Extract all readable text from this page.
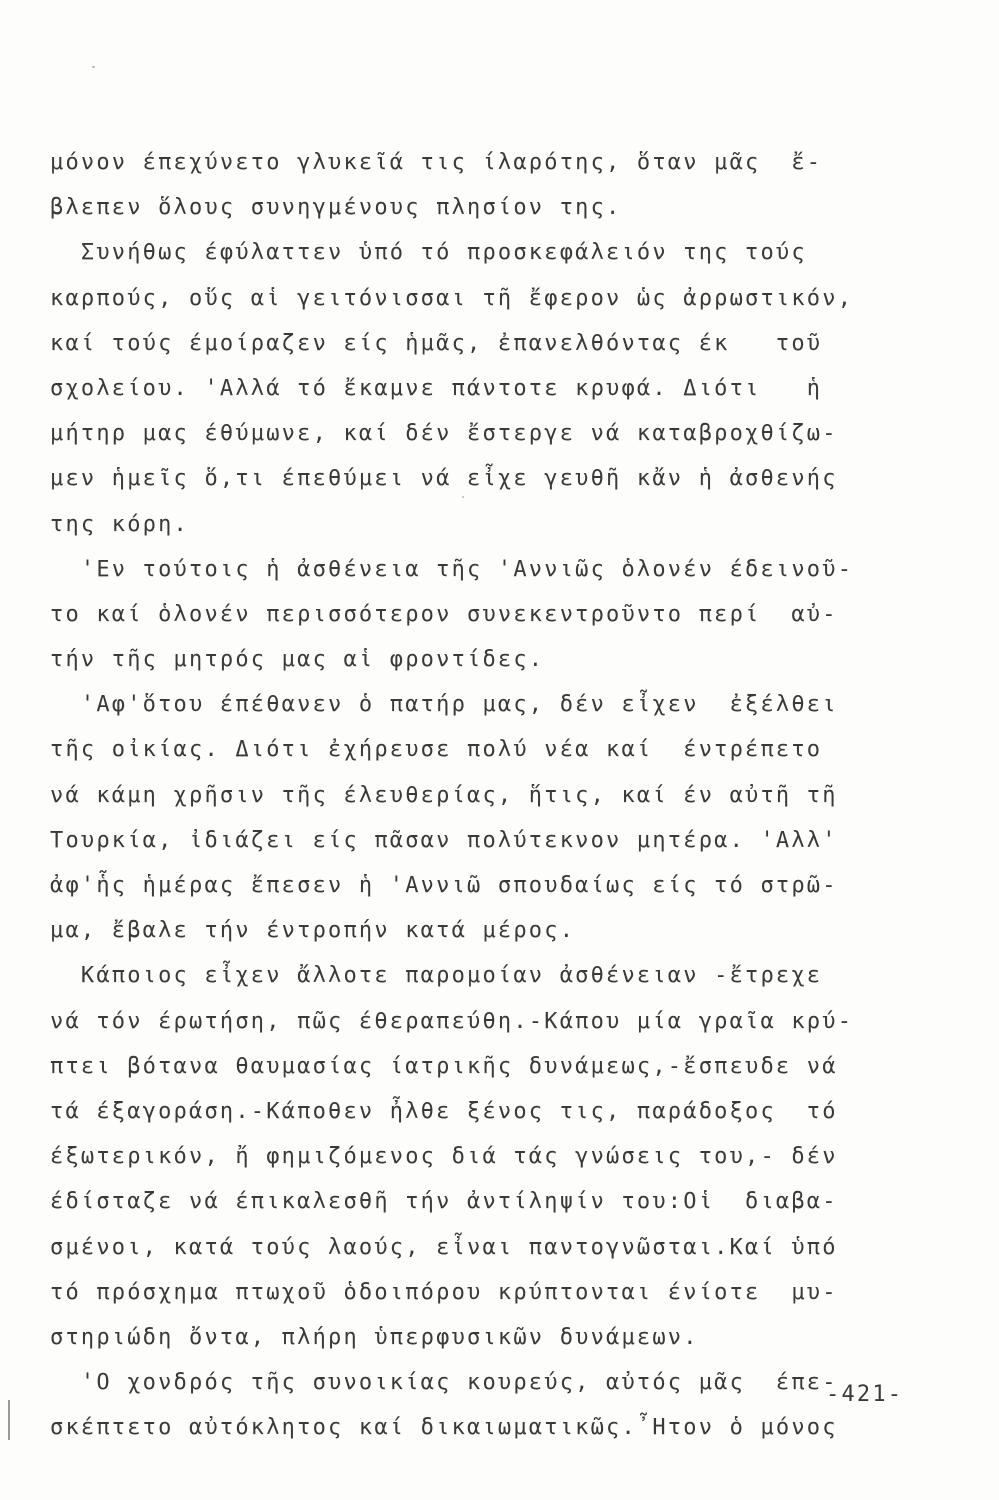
μόνον έπεχύνετο γλυκεῖά τις ίλαρότης, ὅταν μᾶς  ἔ-
βλεπεν ὅλους συνηγμένους πλησίον της.
Συνήθως έφύλαττεν ὑπό τό προσκεφάλειόν της τούς
καρπούς, οὕς αἱ γειτόνισσαι τῆ ἔφερον ὡς ἀρρωστικόν,
καί τούς έμοίραζεν είς ἡμᾶς, ἐπανελθόντας έκ   τοῦ
σχολείου. 'Αλλά τό ἔκαμνε πάντοτε κρυφά. Διότι   ἡ
μήτηρ μας έθύμωνε, καί δέν ἔστεργε νά καταβροχθίζω-
μεν ἡμεῖς ὅ,τι έπεθύμει νά εἶχε γευθῆ κἄν ἡ ἀσθενής
της κόρη.
'Εν τούτοις ἡ ἀσθένεια τῆς 'Αννιῶς ὁλονέν έδεινοῦ-
το καί ὁλονέν περισσότερον συνεκεντροῦντο περί  αὐ-
τήν τῆς μητρός μας αἱ φροντίδες.
'Αφ'ὅτου έπέθανεν ὁ πατήρ μας, δέν εἶχεν  ἐξέλθει
τῆς οἰκίας. Διότι ἐχήρευσε πολύ νέα καί  έντρέπετο
νά κάμη χρῆσιν τῆς έλευθερίας, ἥτις, καί έν αὐτῆ τῆ
Τουρκία, ἰδιάζει είς πᾶσαν πολύτεκνον μητέρα. 'Αλλ'
ἀφ'ἧς ἡμέρας ἔπεσεν ἡ 'Αννιῶ σπουδαίως είς τό στρῶ-
μα, ἔβαλε τήν έντροπήν κατά μέρος.
Κάποιος εἶχεν ἄλλοτε παρομοίαν ἀσθένειαν -ἔτρεχε
νά τόν έρωτήση, πῶς έθεραπεύθη.-Κάπου μία γραῖα κρύ-
πτει βότανα θαυμασίας ίατρικῆς δυνάμεως,-ἔσπευδε νά
τά έξαγοράση.-Κάποθεν ἦλθε ξένος τις, παράδοξος  τό
έξωτερικόν, ἤ φημιζόμενος διά τάς γνώσεις του,- δέν
έδίσταζε νά έπικαλεσθῆ τήν ἀντίληψίν του:Οἱ  διαβα-
σμένοι, κατά τούς λαούς, εἶναι παντογνῶσται.Καί ὑπό
τό πρόσχημα πτωχοῦ ὁδοιπόρου κρύπτονται ένίοτε  μυ-
στηριώδη ὄντα, πλήρη ὑπερφυσικῶν δυνάμεων.
'Ο χονδρός τῆς συνοικίας κουρεύς, αὐτός μᾶς  έπε-
σκέπτετο αὐτόκλητος καί δικαιωματικῶς.῏Ητον ὁ μόνος
-421-
